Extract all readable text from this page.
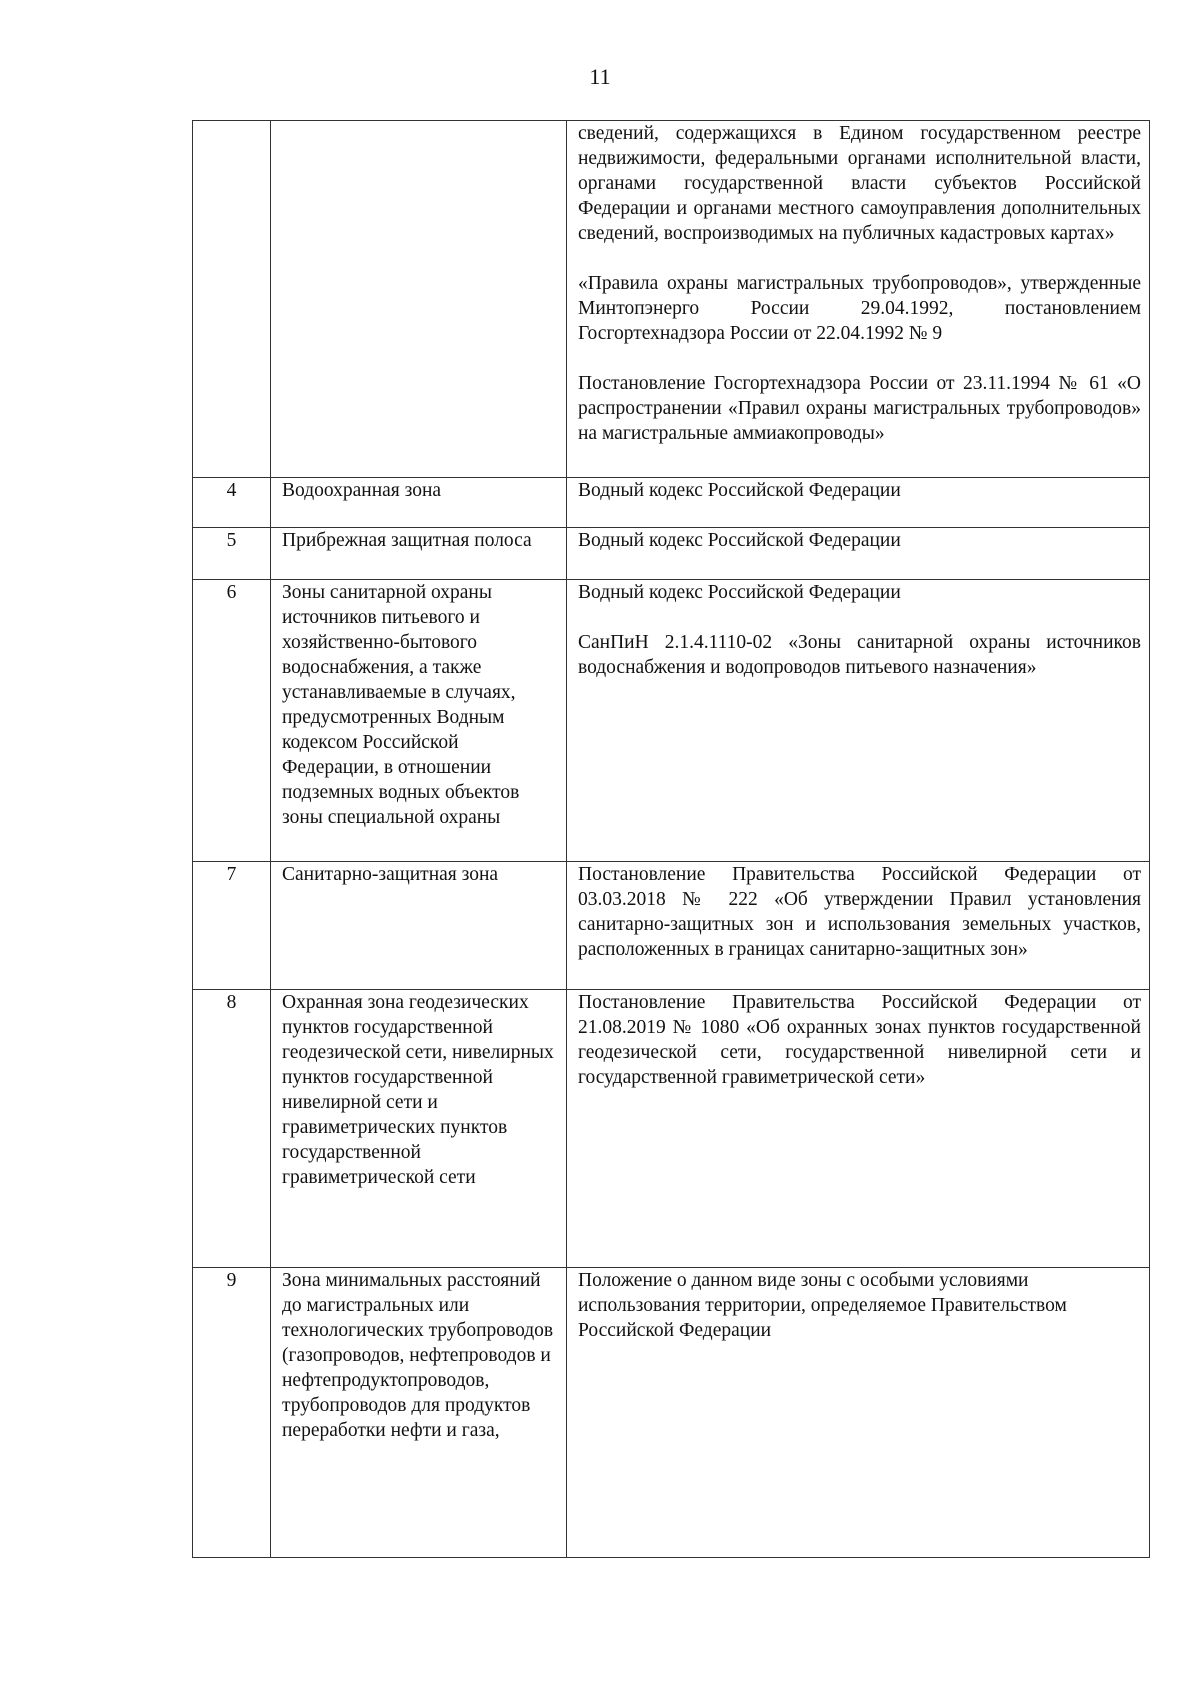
11

		сведений, содержащихся в Едином государственном реестре недвижимости, федеральными органами исполнительной власти, органами государственной власти субъектов Российской Федерации и органами местного самоуправления дополнительных сведений, воспроизводимых на публичных кадастровых картах»

«Правила охраны магистральных трубопроводов», утвержденные Минтопэнерго России 29.04.1992, постановлением Госгортехнадзора России от 22.04.1992 № 9

Постановление Госгортехнадзора России от 23.11.1994 № 61 «О распространении «Правил охраны магистральных трубопроводов» на магистральные аммиакопроводы»

4	Водоохранная зона	Водный кодекс Российской Федерации

5	Прибрежная защитная полоса	Водный кодекс Российской Федерации

6	Зоны санитарной охраны источников питьевого и хозяйственно-бытового водоснабжения, а также устанавливаемые в случаях, предусмотренных Водным кодексом Российской Федерации, в отношении подземных водных объектов зоны специальной охраны	Водный кодекс Российской Федерации

СанПиН 2.1.4.1110-02 «Зоны санитарной охраны источников водоснабжения и водопроводов питьевого назначения»

7	Санитарно-защитная зона	Постановление Правительства Российской Федерации от 03.03.2018 № 222 «Об утверждении Правил установления санитарно-защитных зон и использования земельных участков, расположенных в границах санитарно-защитных зон»

8	Охранная зона геодезических пунктов государственной геодезической сети, нивелирных пунктов государственной нивелирной сети и гравиметрических пунктов государственной гравиметрической сети	Постановление Правительства Российской Федерации от 21.08.2019 № 1080 «Об охранных зонах пунктов государственной геодезической сети, государственной нивелирной сети и государственной гравиметрической сети»

9	Зона минимальных расстояний до магистральных или технологических трубопроводов (газопроводов, нефтепроводов и нефтепродуктопроводов, трубопроводов для продуктов переработки нефти и газа,	Положение о данном виде зоны с особыми условиями использования территории, определяемое Правительством Российской Федерации
